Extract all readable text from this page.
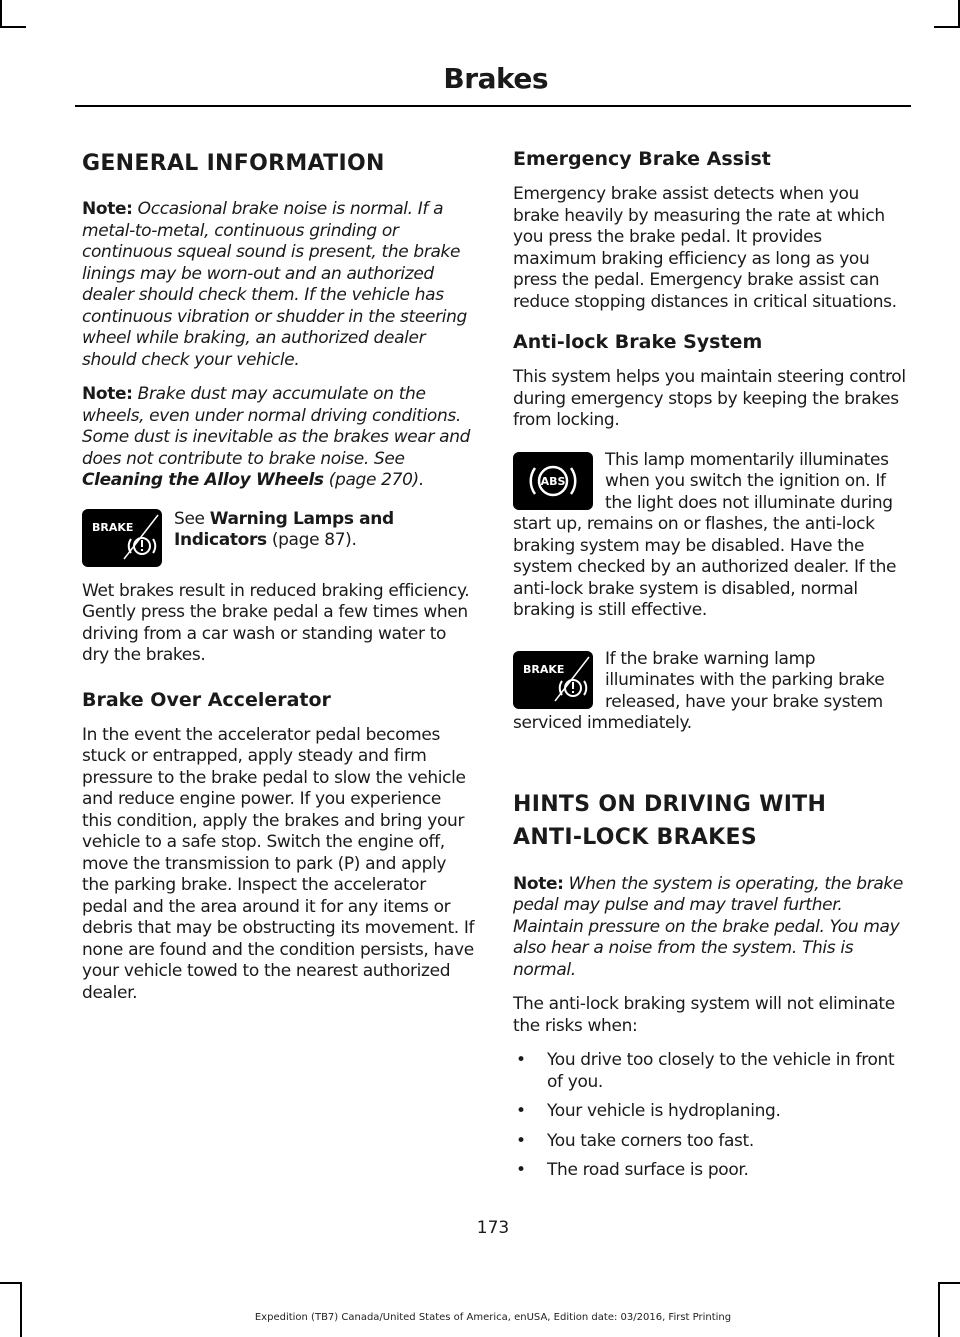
Brakes
GENERAL INFORMATION

Note: Occasional brake noise is normal. If a metal-to-metal, continuous grinding or continuous squeal sound is present, the brake linings may be worn-out and an authorized dealer should check them. If the vehicle has continuous vibration or shudder in the steering wheel while braking, an authorized dealer should check your vehicle.

Note: Brake dust may accumulate on the wheels, even under normal driving conditions. Some dust is inevitable as the brakes wear and does not contribute to brake noise. See Cleaning the Alloy Wheels (page 270).

BRAKE	See Warning Lamps and Indicators (page 87).

Wet brakes result in reduced braking efficiency. Gently press the brake pedal a few times when driving from a car wash or standing water to dry the brakes.

Brake Over Accelerator

In the event the accelerator pedal becomes stuck or entrapped, apply steady and firm pressure to the brake pedal to slow the vehicle and reduce engine power. If you experience this condition, apply the brakes and bring your vehicle to a safe stop. Switch the engine off, move the transmission to park (P) and apply the parking brake. Inspect the accelerator pedal and the area around it for any items or debris that may be obstructing its movement. If none are found and the condition persists, have your vehicle towed to the nearest authorized dealer.

Emergency Brake Assist

Emergency brake assist detects when you brake heavily by measuring the rate at which you press the brake pedal. It provides maximum braking efficiency as long as you press the pedal. Emergency brake assist can reduce stopping distances in critical situations.

Anti-lock Brake System

This system helps you maintain steering control during emergency stops by keeping the brakes from locking.

ABS

This lamp momentarily illuminates when you switch the ignition on. If the light does not illuminate during start up, remains on or flashes, the anti-lock braking system may be disabled. Have the system checked by an authorized dealer. If the anti-lock brake system is disabled, normal braking is still effective.

BRAKE

If the brake warning lamp illuminates with the parking brake released, have your brake system serviced immediately.

HINTS ON DRIVING WITH
ANTI-LOCK BRAKES

Note: When the system is operating, the brake pedal may pulse and may travel further. Maintain pressure on the brake pedal. You may also hear a noise from the system. This is normal.

The anti-lock braking system will not eliminate the risks when:

• You drive too closely to the vehicle in front of you.
• Your vehicle is hydroplaning.
• You take corners too fast.
• The road surface is poor.
173
Expedition (TB7) Canada/United States of America, enUSA, Edition date: 03/2016, First Printing
